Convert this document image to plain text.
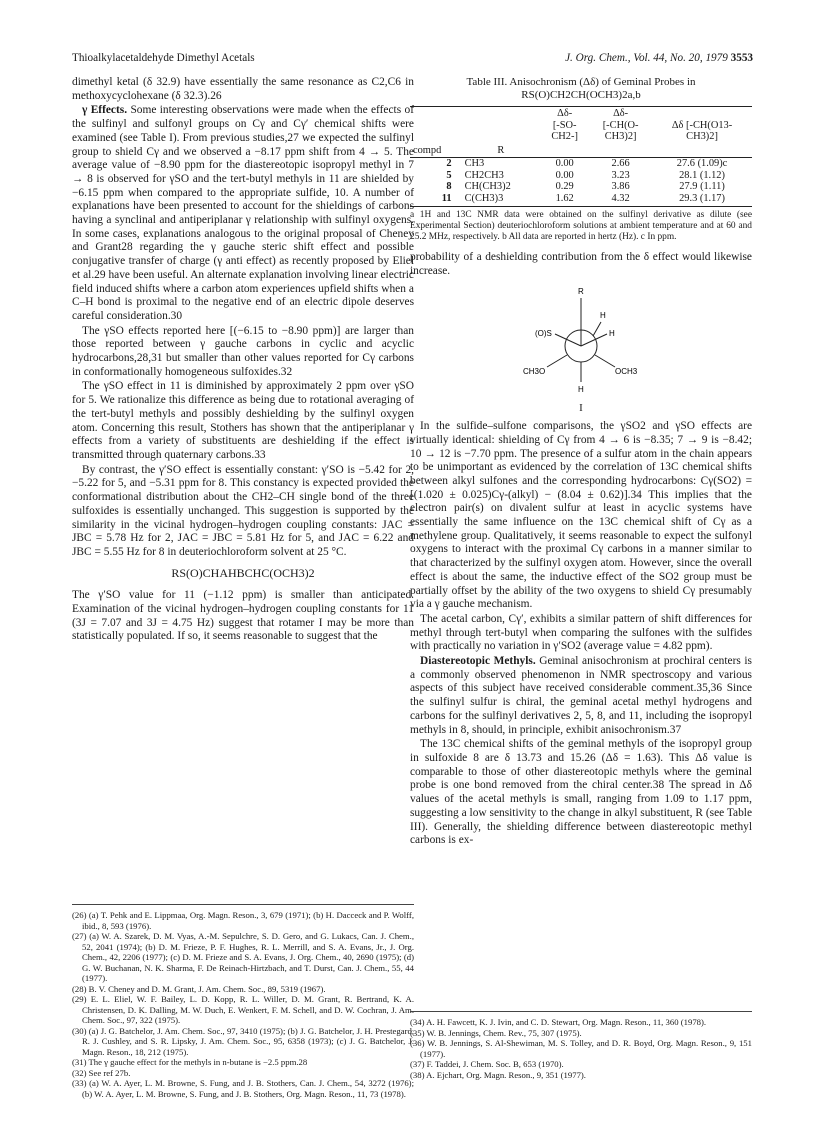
Thioalkylacetaldehyde Dimethyl Acetals	J. Org. Chem., Vol. 44, No. 20, 1979 3553

dimethyl ketal (δ 32.9) have essentially the same resonance as C2,C6 in methoxycyclohexane (δ 32.3).26

γ Effects. Some interesting observations were made when the effects of the sulfinyl and sulfonyl groups on Cγ and Cγ′ chemical shifts were examined (see Table I). From previous studies,27 we expected the sulfinyl group to shield Cγ and we observed a −8.17 ppm shift from 4 → 5. The average value of −8.90 ppm for the diastereotopic isopropyl methyl in 7 → 8 is observed for γSO and the tert-butyl methyls in 11 are shielded by −6.15 ppm when compared to the appropriate sulfide, 10. A number of explanations have been presented to account for the shieldings of carbons having a synclinal and antiperiplanar γ relationship with sulfinyl oxygens. In some cases, explanations analogous to the original proposal of Cheney and Grant28 regarding the γ gauche steric shift effect and possible conjugative transfer of charge (γ anti effect) as recently proposed by Eliel et al.29 have been useful. An alternate explanation involving linear electric field induced shifts where a carbon atom experiences upfield shifts when a C–H bond is proximal to the negative end of an electric dipole deserves careful consideration.30

The γSO effects reported here [(−6.15 to −8.90 ppm)] are larger than those reported between γ gauche carbons in cyclic and acyclic hydrocarbons,28,31 but smaller than other values reported for Cγ carbons in conformationally homogeneous sulfoxides.32

The γSO effect in 11 is diminished by approximately 2 ppm over γSO for 5. We rationalize this difference as being due to rotational averaging of the tert-butyl methyls and possibly deshielding by the sulfinyl oxygen atom. Concerning this result, Stothers has shown that the antiperiplanar γ effects from a variety of substituents are deshielding if the effect is transmitted through quaternary carbons.33

By contrast, the γ′SO effect is essentially constant: γ′SO is −5.42 for 2, −5.22 for 5, and −5.31 ppm for 8. This constancy is expected provided the conformational distribution about the CH2–CH single bond of the three sulfoxides is essentially unchanged. This suggestion is supported by the similarity in the vicinal hydrogen–hydrogen coupling constants: JAC = JBC = 5.78 Hz for 2, JAC = JBC = 5.81 Hz for 5, and JAC = 6.22 and JBC = 5.55 Hz for 8 in deuteriochloroform solvent at 25 °C.

RS(O)CHAHBCHC(OCH3)2

The γ′SO value for 11 (−1.12 ppm) is smaller than anticipated. Examination of the vicinal hydrogen–hydrogen coupling constants for 11 (3J = 7.07 and 3J = 4.75 Hz) suggest that rotamer I may be more than statistically populated. If so, it seems reasonable to suggest that the

Table III. Anisochronism (Δδ) of Geminal Probes in
RS(O)CH2CH(OCH3)2a,b
		Δδ-
[-SO-
CH2-]	Δδ-
[-CH(O-
CH3)2]	Δδ [-CH(O13-
CH3)2]
compd	R			
2	CH3	0.00	2.66	27.6 (1.09)c
5	CH2CH3	0.00	3.23	28.1 (1.12)
8	CH(CH3)2	0.29	3.86	27.9 (1.11)
11	C(CH3)3	1.62	4.32	29.3 (1.17)
a 1H and 13C NMR data were obtained on the sulfinyl derivative as dilute (see Experimental Section) deuteriochloroform solutions at ambient temperature and at 60 and 25.2 MHz, respectively. b All data are reported in hertz (Hz). c In ppm.

probability of a deshielding contribution from the δ effect would likewise increase.

R
H
(O)S	H
CH3O	OCH3
H
I

In the sulfide–sulfone comparisons, the γSO2 and γSO effects are virtually identical: shielding of Cγ from 4 → 6 is −8.35; 7 → 9 is −8.42; 10 → 12 is −7.70 ppm. The presence of a sulfur atom in the chain appears to be unimportant as evidenced by the correlation of 13C chemical shifts between alkyl sulfones and the corresponding hydrocarbons: Cγ(SO2) = [(1.020 ± 0.025)Cγ-(alkyl) − (8.04 ± 0.62)].34 This implies that the electron pair(s) on divalent sulfur at least in acyclic systems have essentially the same influence on the 13C chemical shift of Cγ as a methylene group. Qualitatively, it seems reasonable to expect the sulfonyl oxygens to interact with the proximal Cγ carbons in a manner similar to that characterized by the sulfinyl oxygen atom. However, since the overall effect is about the same, the inductive effect of the SO2 group must be partially offset by the ability of the two oxygens to shield Cγ presumably via a γ gauche mechanism.

The acetal carbon, Cγ′, exhibits a similar pattern of shift differences for methyl through tert-butyl when comparing the sulfones with the sulfides with practically no variation in γ′SO2 (average value = 4.82 ppm).

Diastereotopic Methyls. Geminal anisochronism at prochiral centers is a commonly observed phenomenon in NMR spectroscopy and various aspects of this subject have received considerable comment.35,36 Since the sulfinyl sulfur is chiral, the geminal acetal methyl hydrogens and carbons for the sulfinyl derivatives 2, 5, 8, and 11, including the isopropyl methyls in 8, should, in principle, exhibit anisochronism.37

The 13C chemical shifts of the geminal methyls of the isopropyl group in sulfoxide 8 are δ 13.73 and 15.26 (Δδ = 1.63). This Δδ value is comparable to those of other diastereotopic methyls where the geminal probe is one bond removed from the chiral center.38 The spread in Δδ values of the acetal methyls is small, ranging from 1.09 to 1.17 ppm, suggesting a low sensitivity to the change in alkyl substituent, R (see Table III). Generally, the shielding difference between diastereotopic methyl carbons is ex-

(26) (a) T. Pehk and E. Lippmaa, Org. Magn. Reson., 3, 679 (1971); (b) H. Dacceck and P. Wolff, ibid., 8, 593 (1976).

(27) (a) W. A. Szarek, D. M. Vyas, A.-M. Sepulchre, S. D. Gero, and G. Lukacs, Can. J. Chem., 52, 2041 (1974); (b) D. M. Frieze, P. F. Hughes, R. L. Merrill, and S. A. Evans, Jr., J. Org. Chem., 42, 2206 (1977); (c) D. M. Frieze and S. A. Evans, J. Org. Chem., 40, 2690 (1975); (d) G. W. Buchanan, N. K. Sharma, F. De Reinach-Hirtzbach, and T. Durst, Can. J. Chem., 55, 44 (1977).

(28) B. V. Cheney and D. M. Grant, J. Am. Chem. Soc., 89, 5319 (1967).

(29) E. L. Eliel, W. F. Bailey, L. D. Kopp, R. L. Willer, D. M. Grant, R. Bertrand, K. A. Christensen, D. K. Dalling, M. W. Duch, E. Wenkert, F. M. Schell, and D. W. Cochran, J. Am. Chem. Soc., 97, 322 (1975).

(30) (a) J. G. Batchelor, J. Am. Chem. Soc., 97, 3410 (1975); (b) J. G. Batchelor, J. H. Prestegard, R. J. Cushley, and S. R. Lipsky, J. Am. Chem. Soc., 95, 6358 (1973); (c) J. G. Batchelor, J. Magn. Reson., 18, 212 (1975).

(31) The γ gauche effect for the methyls in n-butane is −2.5 ppm.28

(32) See ref 27b.

(33) (a) W. A. Ayer, L. M. Browne, S. Fung, and J. B. Stothers, Can. J. Chem., 54, 3272 (1976); (b) W. A. Ayer, L. M. Browne, S. Fung, and J. B. Stothers, Org. Magn. Reson., 11, 73 (1978).

(34) A. H. Fawcett, K. J. Ivin, and C. D. Stewart, Org. Magn. Reson., 11, 360 (1978).

(35) W. B. Jennings, Chem. Rev., 75, 307 (1975).

(36) W. B. Jennings, S. Al-Shewiman, M. S. Tolley, and D. R. Boyd, Org. Magn. Reson., 9, 151 (1977).

(37) F. Taddei, J. Chem. Soc. B, 653 (1970).

(38) A. Ejchart, Org. Magn. Reson., 9, 351 (1977).
